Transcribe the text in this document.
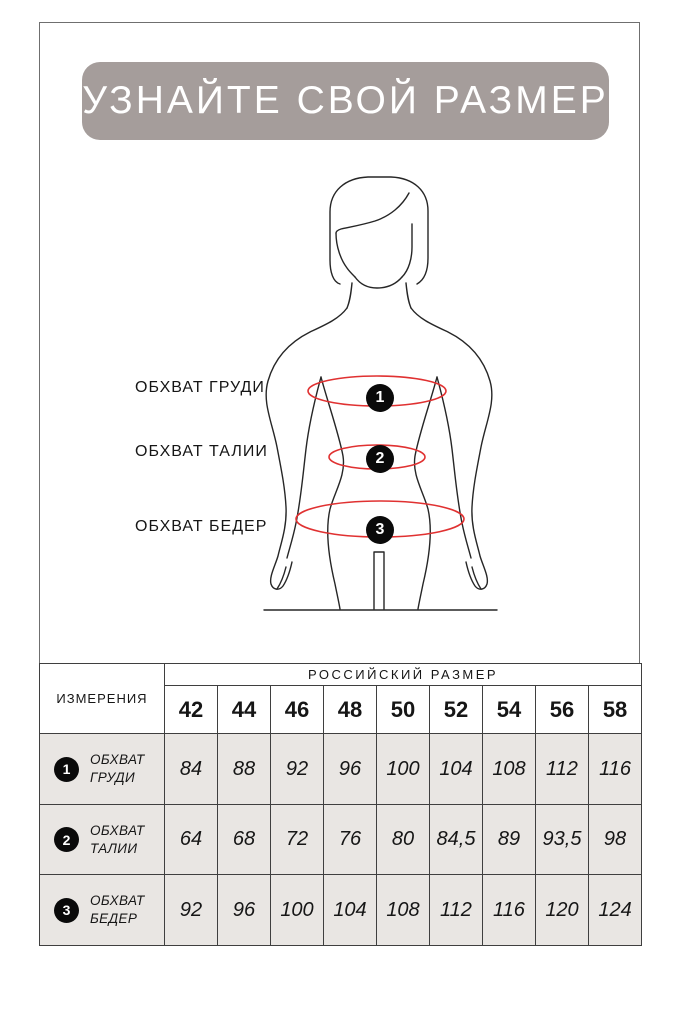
УЗНАЙТЕ СВОЙ РАЗМЕР
ОБХВАТ ГРУДИ
ОБХВАТ ТАЛИИ
ОБХВАТ БЕДЕР
1
2
3
ИЗМЕРЕНИЯ	РОССИЙСКИЙ РАЗМЕР								
	42	44	46	48	50	52	54	56	58

1
ОБХВАТ ГРУДИ	84	88	92	96	100	104	108	112	116

2
ОБХВАТ ТАЛИИ	64	68	72	76	80	84,5	89	93,5	98

3
ОБХВАТ БЕДЕР	92	96	100	104	108	112	116	120	124
